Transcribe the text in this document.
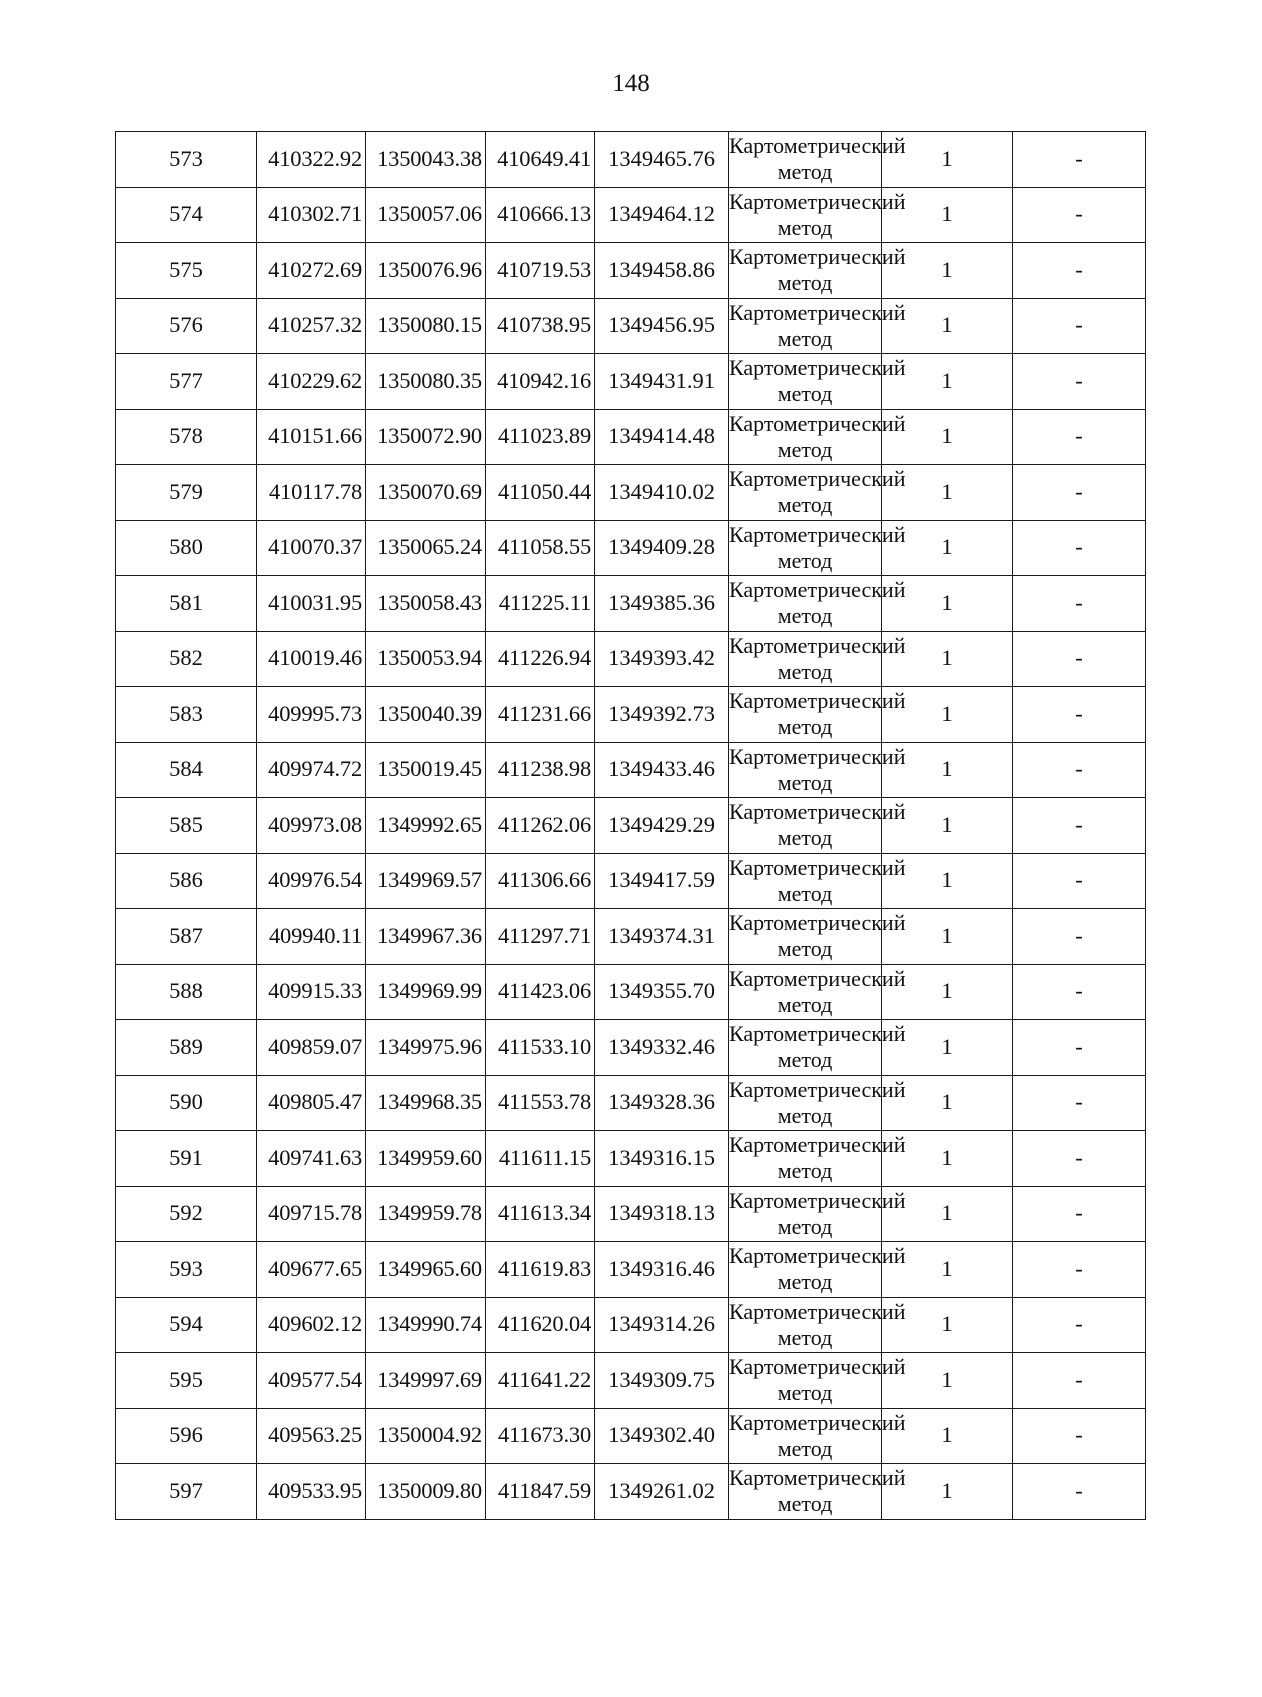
148
573	410322.92	1350043.38	410649.41	1349465.76	Картометрический метод	1	-
574	410302.71	1350057.06	410666.13	1349464.12	Картометрический метод	1	-
575	410272.69	1350076.96	410719.53	1349458.86	Картометрический метод	1	-
576	410257.32	1350080.15	410738.95	1349456.95	Картометрический метод	1	-
577	410229.62	1350080.35	410942.16	1349431.91	Картометрический метод	1	-
578	410151.66	1350072.90	411023.89	1349414.48	Картометрический метод	1	-
579	410117.78	1350070.69	411050.44	1349410.02	Картометрический метод	1	-
580	410070.37	1350065.24	411058.55	1349409.28	Картометрический метод	1	-
581	410031.95	1350058.43	411225.11	1349385.36	Картометрический метод	1	-
582	410019.46	1350053.94	411226.94	1349393.42	Картометрический метод	1	-
583	409995.73	1350040.39	411231.66	1349392.73	Картометрический метод	1	-
584	409974.72	1350019.45	411238.98	1349433.46	Картометрический метод	1	-
585	409973.08	1349992.65	411262.06	1349429.29	Картометрический метод	1	-
586	409976.54	1349969.57	411306.66	1349417.59	Картометрический метод	1	-
587	409940.11	1349967.36	411297.71	1349374.31	Картометрический метод	1	-
588	409915.33	1349969.99	411423.06	1349355.70	Картометрический метод	1	-
589	409859.07	1349975.96	411533.10	1349332.46	Картометрический метод	1	-
590	409805.47	1349968.35	411553.78	1349328.36	Картометрический метод	1	-
591	409741.63	1349959.60	411611.15	1349316.15	Картометрический метод	1	-
592	409715.78	1349959.78	411613.34	1349318.13	Картометрический метод	1	-
593	409677.65	1349965.60	411619.83	1349316.46	Картометрический метод	1	-
594	409602.12	1349990.74	411620.04	1349314.26	Картометрический метод	1	-
595	409577.54	1349997.69	411641.22	1349309.75	Картометрический метод	1	-
596	409563.25	1350004.92	411673.30	1349302.40	Картометрический метод	1	-
597	409533.95	1350009.80	411847.59	1349261.02	Картометрический метод	1	-
